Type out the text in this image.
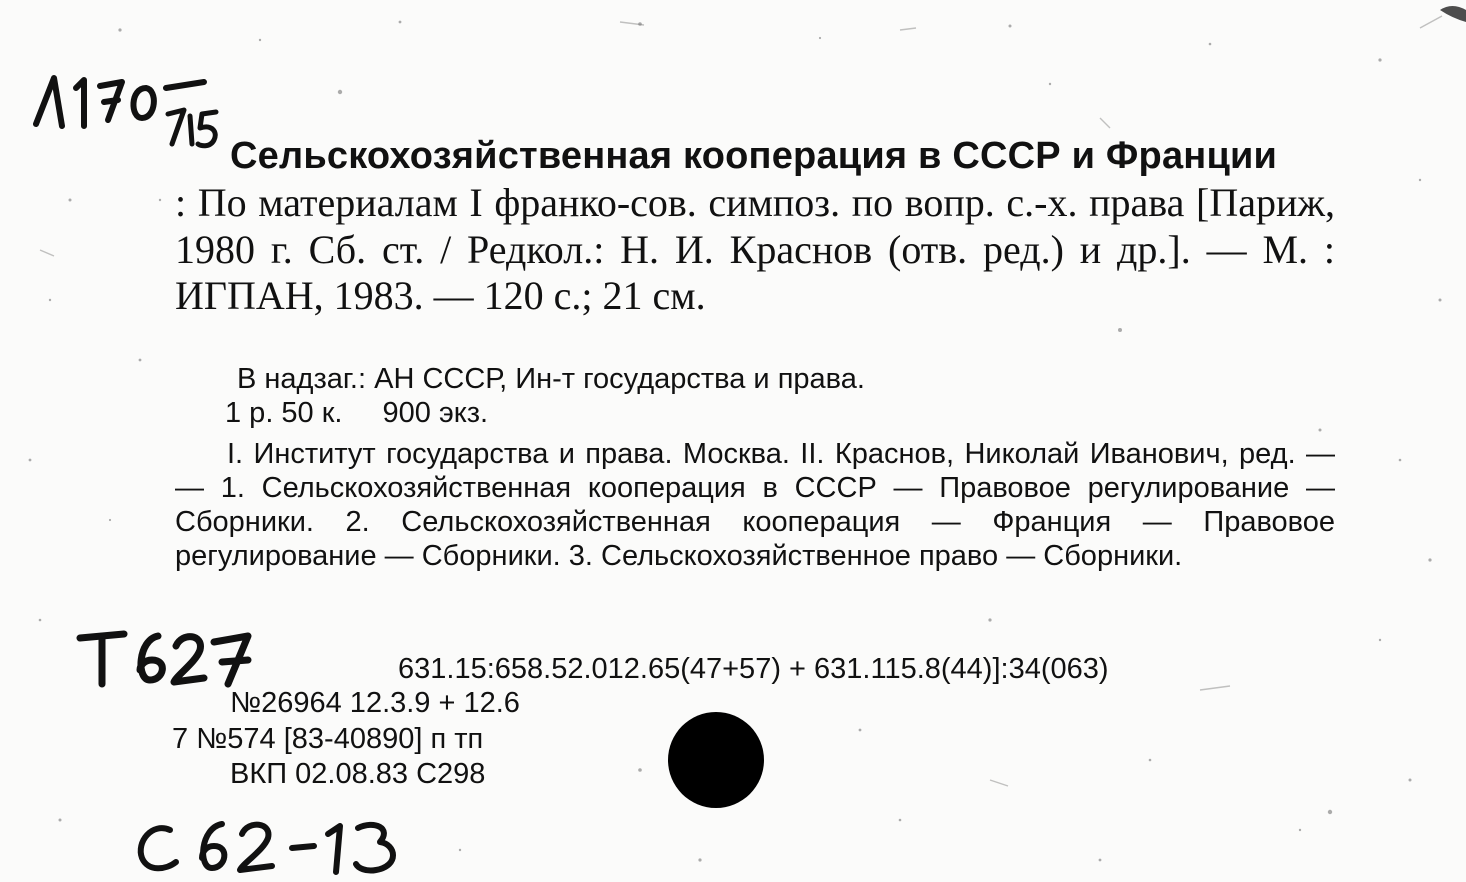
Сельскохозяйственная кооперация в СССР и Франции
: По материалам I франко-сов. симпоз. по вопр. с.-х. права [Париж, 1980 г. Сб. ст. / Редкол.: Н. И. Краснов (отв. ред.) и др.]. — М. : ИГПАН, 1983. — 120 с.; 21 см.
В надзаг.: АН СССР, Ин-т государства и права.
1 р. 50 к. 900 экз.
I. Институт государства и права. Москва. II. Краснов, Николай Иванович, ред. — — 1. Сельскохозяйственная кооперация в СССР — Правовое регулирование — Сборники. 2. Сельскохозяйственная кооперация — Франция — Правовое регулирование — Сборники. 3. Сельскохозяйственное право — Сборники.
631.15:658.52.012.65(47+57) + 631.115.8(44)]:34(063)
№26964 12.3.9 + 12.6
7 №574 [83-40890] п тп
ВКП 02.08.83 С298
